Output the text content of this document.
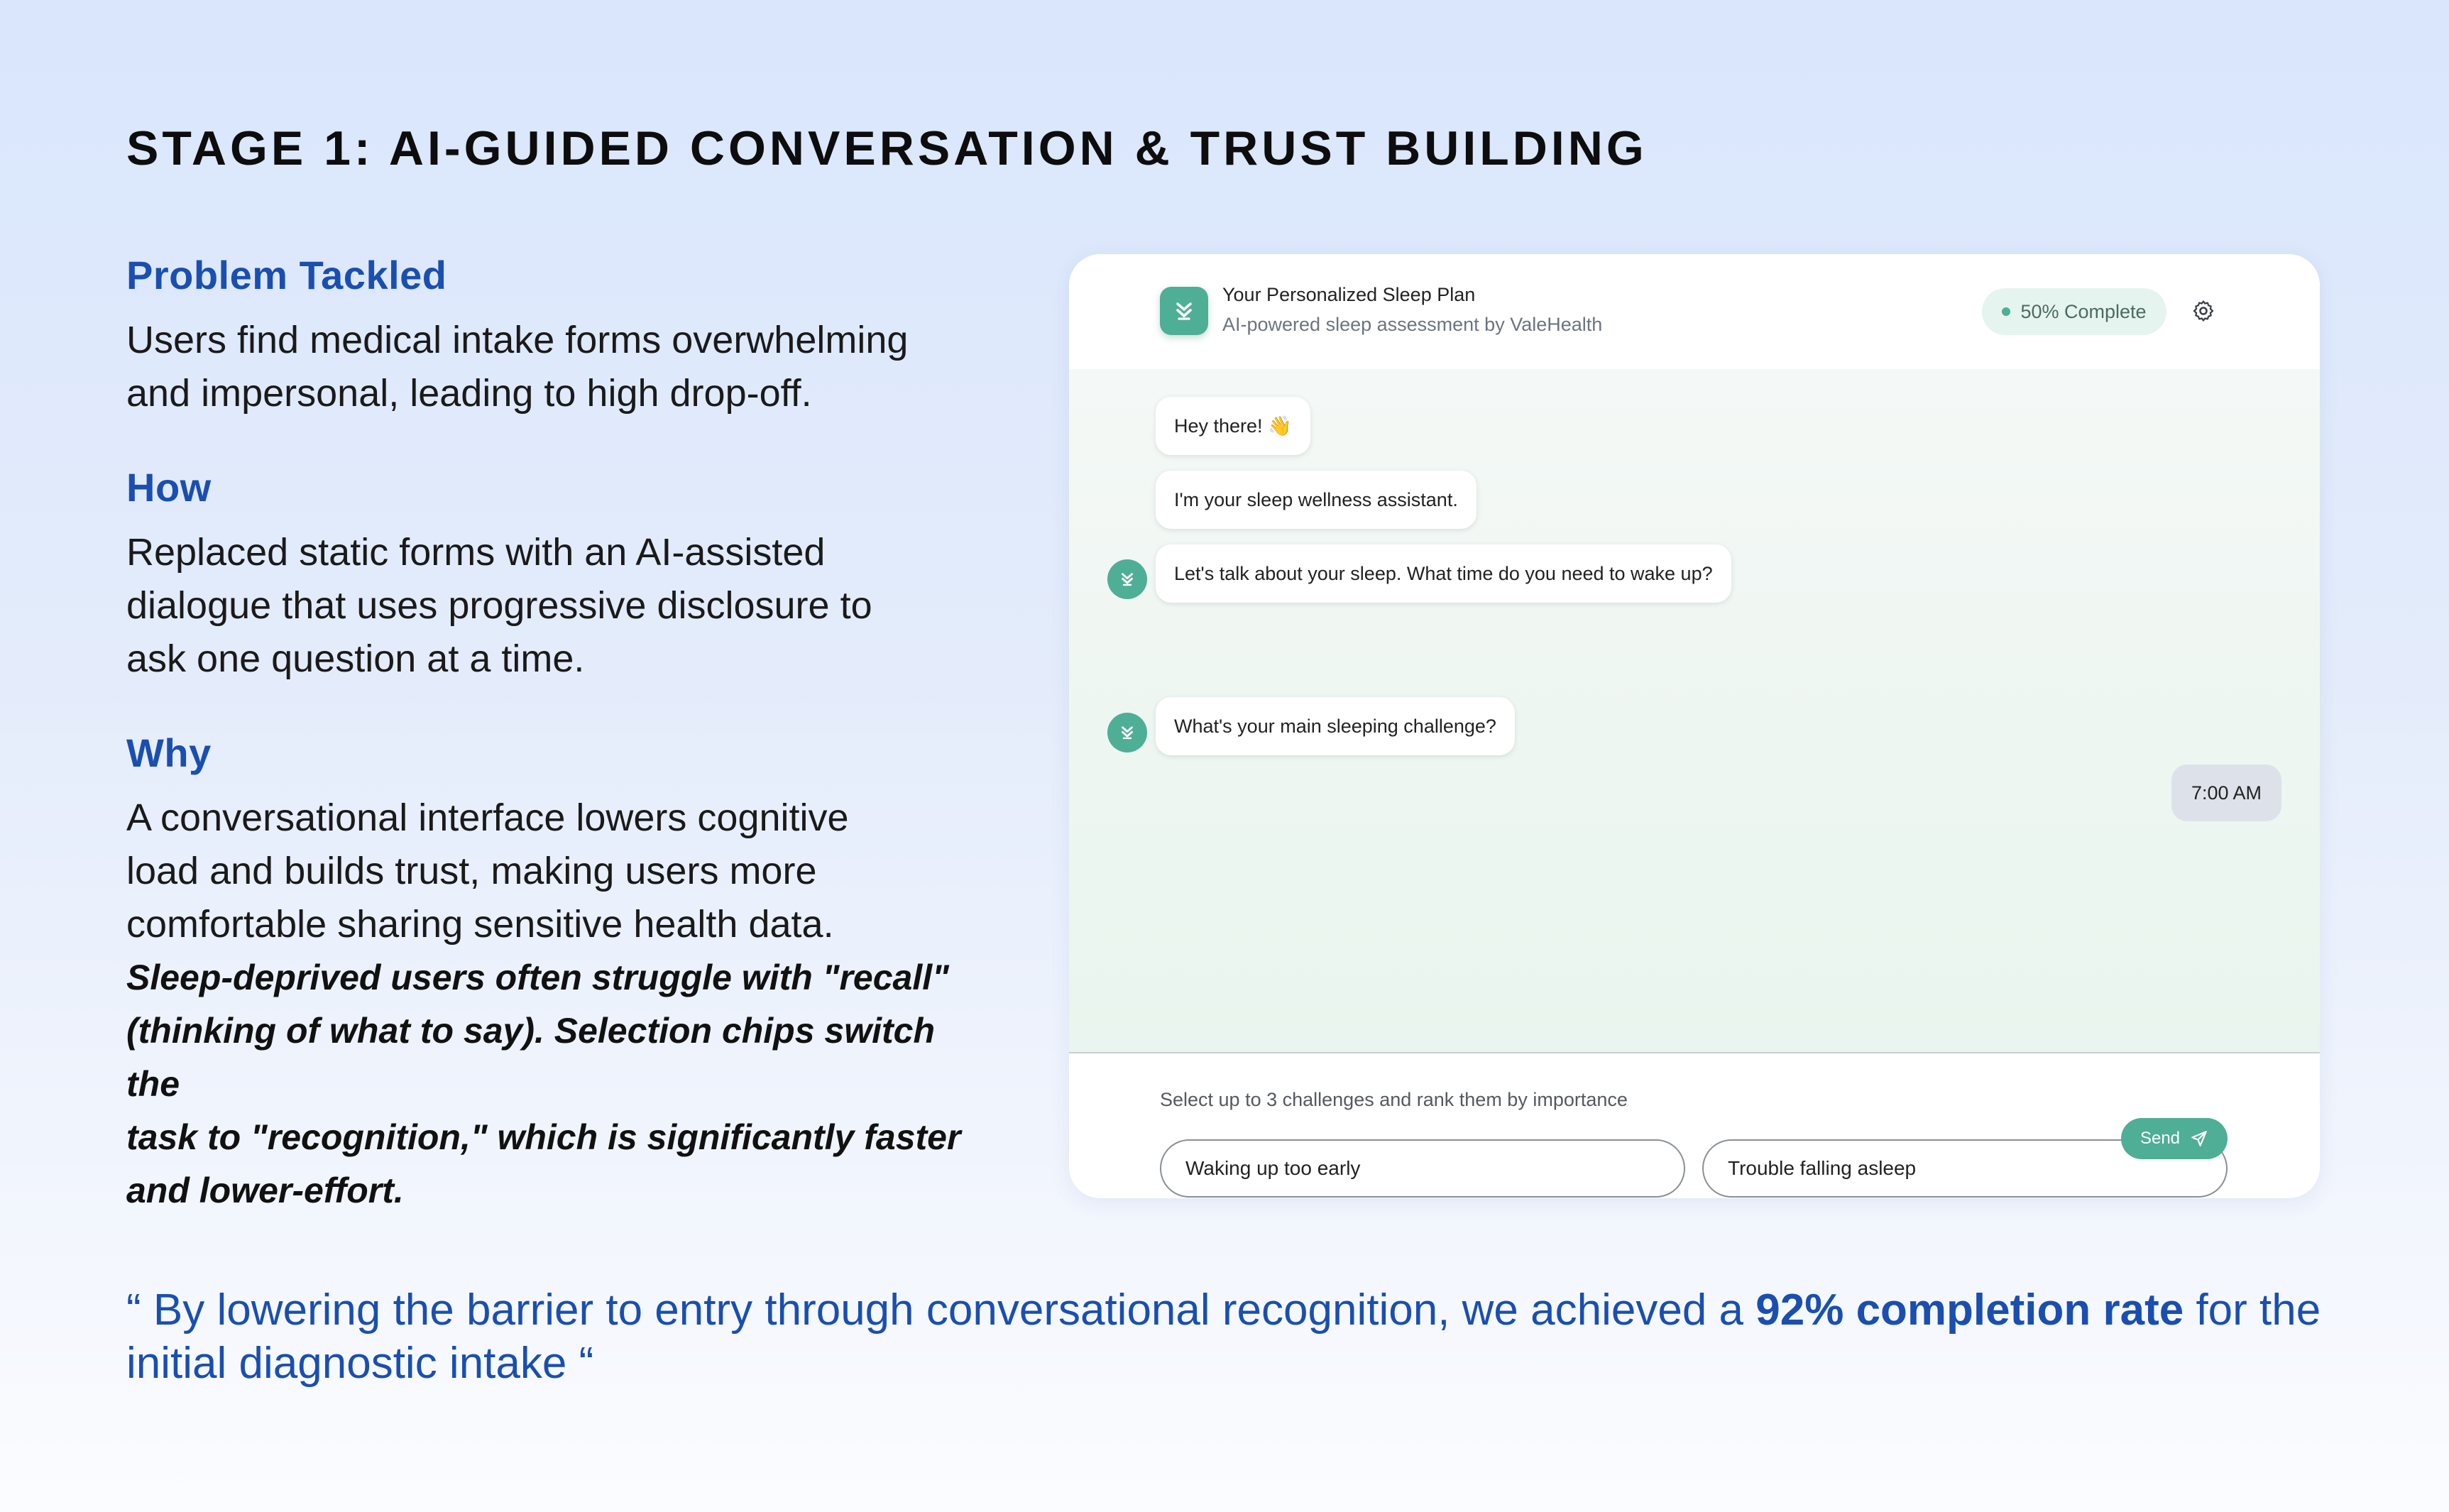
STAGE 1: AI-GUIDED CONVERSATION & TRUST BUILDING
Problem Tackled

Users find medical intake forms overwhelming
and impersonal, leading to high drop-off.

How

Replaced static forms with an AI-assisted
dialogue that uses progressive disclosure to
ask one question at a time.

Why

A conversational interface lowers cognitive
load and builds trust, making users more
comfortable sharing sensitive health data.

Sleep-deprived users often struggle with "recall"
(thinking of what to say). Selection chips switch the
task to "recognition," which is significantly faster
and lower-effort.

Your Personalized Sleep Plan
AI-powered sleep assessment by ValeHealth
50% Complete
Hey there! 👋
I'm your sleep wellness assistant.
Let's talk about your sleep. What time do you need to wake up?
7:00 AM
What's your main sleeping challenge?
Select up to 3 challenges and rank them by importance
Waking up too early	Trouble falling asleep
Send

“ By lowering the barrier to entry through conversational recognition, we achieved a 92% completion rate for the initial diagnostic intake “
